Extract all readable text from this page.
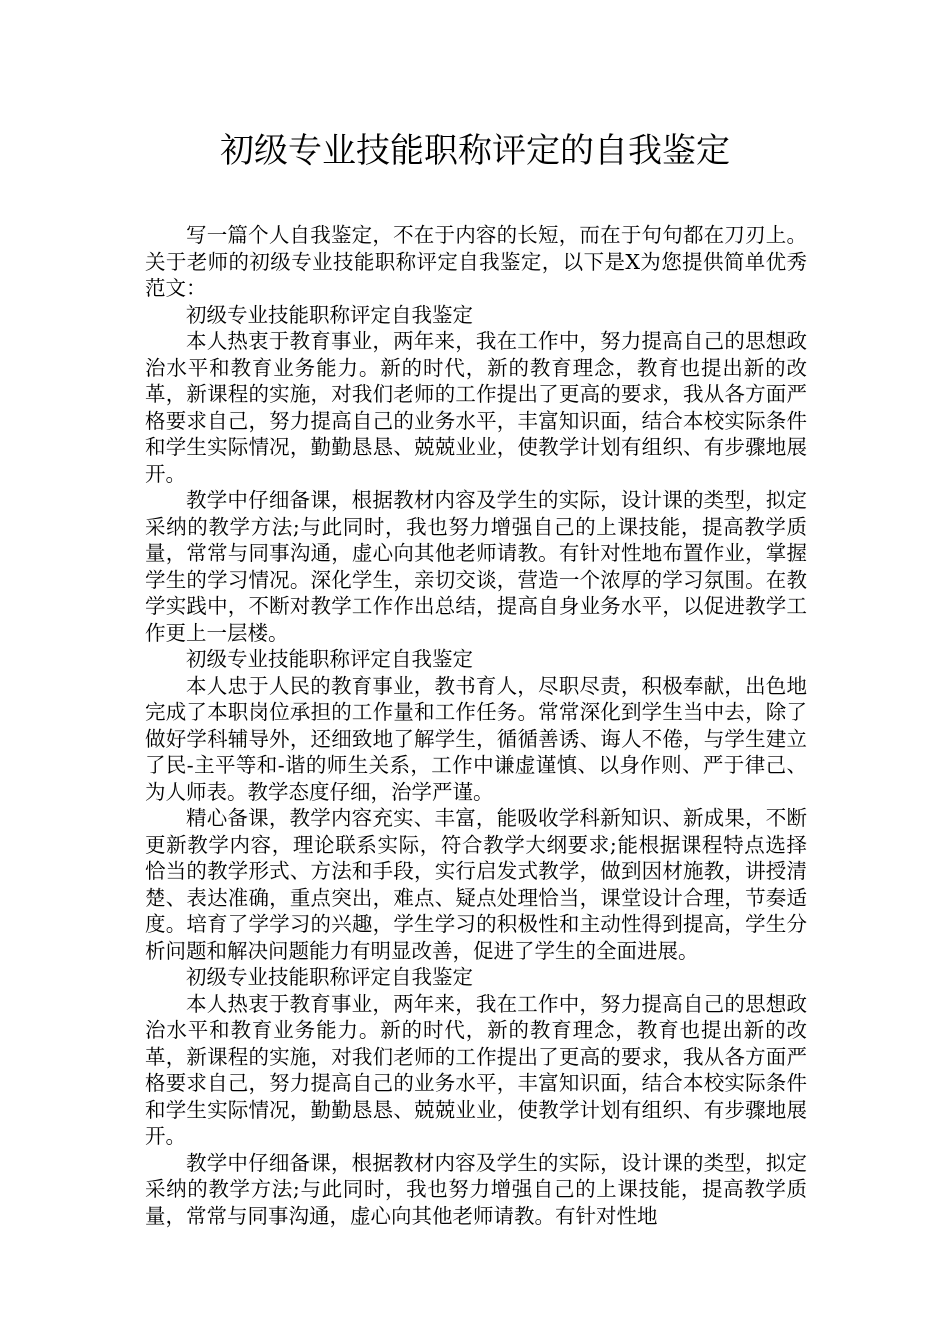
初级专业技能职称评定的自我鉴定

写一篇个人自我鉴定，不在于内容的长短，而在于句句都在刀刃上。关于老师的初级专业技能职称评定自我鉴定，以下是X为您提供简单优秀范文：

初级专业技能职称评定自我鉴定

本人热衷于教育事业，两年来，我在工作中，努力提高自己的思想政治水平和教育业务能力。新的时代，新的教育理念，教育也提出新的改革，新课程的实施，对我们老师的工作提出了更高的要求，我从各方面严格要求自己，努力提高自己的业务水平，丰富知识面，结合本校实际条件和学生实际情况，勤勤恳恳、兢兢业业，使教学计划有组织、有步骤地展开。

教学中仔细备课，根据教材内容及学生的实际，设计课的类型，拟定采纳的教学方法;与此同时，我也努力增强自己的上课技能，提高教学质量，常常与同事沟通，虚心向其他老师请教。有针对性地布置作业，掌握学生的学习情况。深化学生，亲切交谈，营造一个浓厚的学习氛围。在教学实践中，不断对教学工作作出总结，提高自身业务水平，以促进教学工作更上一层楼。

初级专业技能职称评定自我鉴定

本人忠于人民的教育事业，教书育人，尽职尽责，积极奉献，出色地完成了本职岗位承担的工作量和工作任务。常常深化到学生当中去，除了做好学科辅导外，还细致地了解学生，循循善诱、诲人不倦，与学生建立了民-主平等和-谐的师生关系，工作中谦虚谨慎、以身作则、严于律己、为人师表。教学态度仔细，治学严谨。

精心备课，教学内容充实、丰富，能吸收学科新知识、新成果，不断更新教学内容，理论联系实际，符合教学大纲要求;能根据课程特点选择恰当的教学形式、方法和手段，实行启发式教学，做到因材施教，讲授清楚、表达准确，重点突出，难点、疑点处理恰当，课堂设计合理，节奏适度。培育了学学习的兴趣，学生学习的积极性和主动性得到提高，学生分析问题和解决问题能力有明显改善，促进了学生的全面进展。

初级专业技能职称评定自我鉴定

本人热衷于教育事业，两年来，我在工作中，努力提高自己的思想政治水平和教育业务能力。新的时代，新的教育理念，教育也提出新的改革，新课程的实施，对我们老师的工作提出了更高的要求，我从各方面严格要求自己，努力提高自己的业务水平，丰富知识面，结合本校实际条件和学生实际情况，勤勤恳恳、兢兢业业，使教学计划有组织、有步骤地展开。

教学中仔细备课，根据教材内容及学生的实际，设计课的类型，拟定采纳的教学方法;与此同时，我也努力增强自己的上课技能，提高教学质量，常常与同事沟通，虚心向其他老师请教。有针对性地
